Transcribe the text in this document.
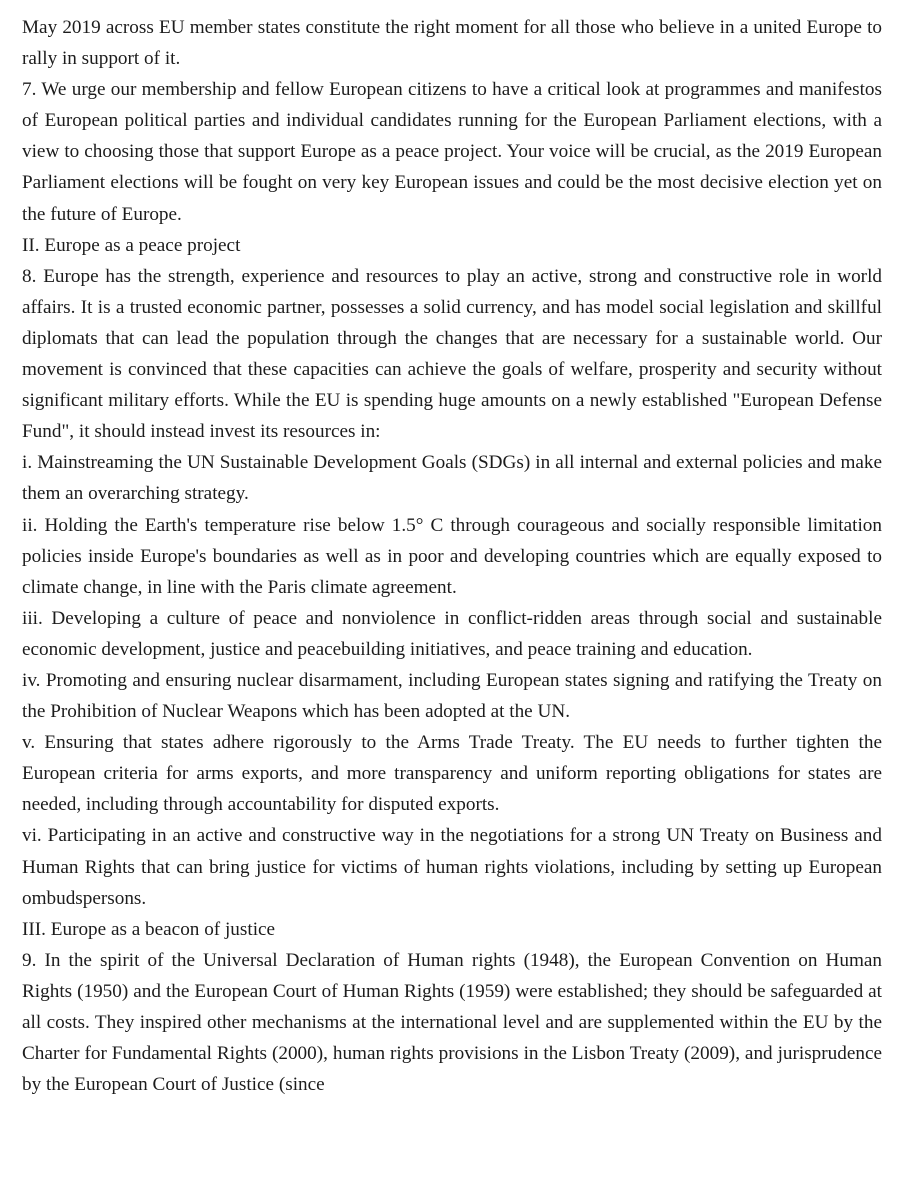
May 2019 across EU member states constitute the right moment for all those who believe in a united Europe to rally in support of it.

7. We urge our membership and fellow European citizens to have a critical look at programmes and manifestos of European political parties and individual candidates running for the European Parliament elections, with a view to choosing those that support Europe as a peace project. Your voice will be crucial, as the 2019 European Parliament elections will be fought on very key European issues and could be the most decisive election yet on the future of Europe.

II. Europe as a peace project

8. Europe has the strength, experience and resources to play an active, strong and constructive role in world affairs. It is a trusted economic partner, possesses a solid currency, and has model social legislation and skillful diplomats that can lead the population through the changes that are necessary for a sustainable world. Our movement is convinced that these capacities can achieve the goals of welfare, prosperity and security without significant military efforts. While the EU is spending huge amounts on a newly established "European Defense Fund", it should instead invest its resources in:

i. Mainstreaming the UN Sustainable Development Goals (SDGs) in all internal and external policies and make them an overarching strategy.

ii. Holding the Earth's temperature rise below 1.5° C through courageous and socially responsible limitation policies inside Europe's boundaries as well as in poor and developing countries which are equally exposed to climate change, in line with the Paris climate agreement.

iii. Developing a culture of peace and nonviolence in conflict-ridden areas through social and sustainable economic development, justice and peacebuilding initiatives, and peace training and education.

iv. Promoting and ensuring nuclear disarmament, including European states signing and ratifying the Treaty on the Prohibition of Nuclear Weapons which has been adopted at the UN.

v. Ensuring that states adhere rigorously to the Arms Trade Treaty. The EU needs to further tighten the European criteria for arms exports, and more transparency and uniform reporting obligations for states are needed, including through accountability for disputed exports.

vi. Participating in an active and constructive way in the negotiations for a strong UN Treaty on Business and Human Rights that can bring justice for victims of human rights violations, including by setting up European ombudspersons.

III. Europe as a beacon of justice

9. In the spirit of the Universal Declaration of Human rights (1948), the European Convention on Human Rights (1950) and the European Court of Human Rights (1959) were established; they should be safeguarded at all costs. They inspired other mechanisms at the international level and are supplemented within the EU by the Charter for Fundamental Rights (2000), human rights provisions in the Lisbon Treaty (2009), and jurisprudence by the European Court of Justice (since
